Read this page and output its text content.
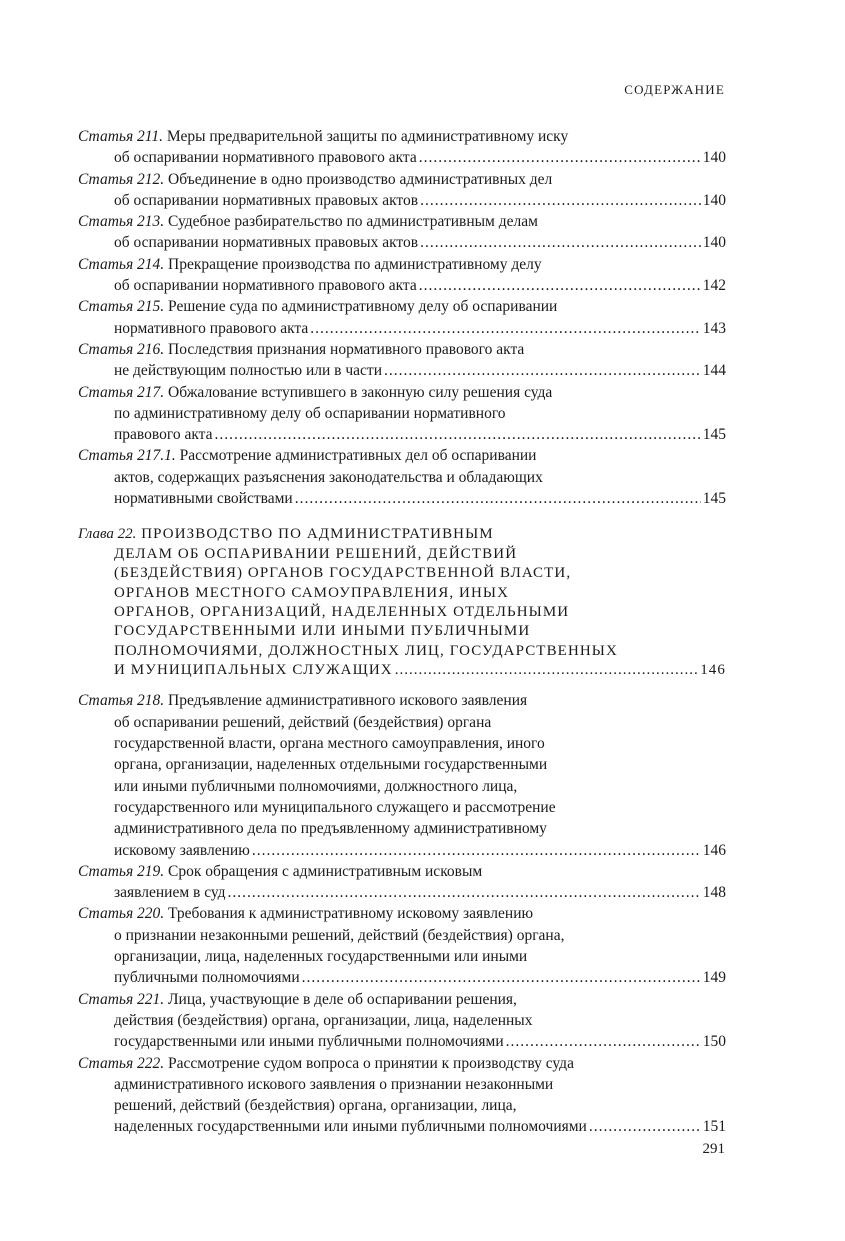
СОДЕРЖАНИЕ
Статья 211. Меры предварительной защиты по административному иску
об оспаривании нормативного правового акта .....	140
Статья 212. Объединение в одно производство административных дел
об оспаривании нормативных правовых актов .....	140
Статья 213. Судебное разбирательство по административным делам
об оспаривании нормативных правовых актов .....	140
Статья 214. Прекращение производства по административному делу
об оспаривании нормативного правового акта .....	142
Статья 215. Решение суда по административному делу об оспаривании
нормативного правового акта .....	143
Статья 216. Последствия признания нормативного правового акта
не действующим полностью или в части .....	144
Статья 217. Обжалование вступившего в законную силу решения суда
по административному делу об оспаривании нормативного
правового акта .....	145
Статья 217.1. Рассмотрение административных дел об оспаривании
актов, содержащих разъяснения законодательства и обладающих
нормативными свойствами .....	145
Глава 22. ПРОИЗВОДСТВО ПО АДМИНИСТРАТИВНЫМ
ДЕЛАМ ОБ ОСПАРИВАНИИ РЕШЕНИЙ, ДЕЙСТВИЙ
(БЕЗДЕЙСТВИЯ) ОРГАНОВ ГОСУДАРСТВЕННОЙ ВЛАСТИ,
ОРГАНОВ МЕСТНОГО САМОУПРАВЛЕНИЯ, ИНЫХ
ОРГАНОВ, ОРГАНИЗАЦИЙ, НАДЕЛЕННЫХ ОТДЕЛЬНЫМИ
ГОСУДАРСТВЕННЫМИ ИЛИ ИНЫМИ ПУБЛИЧНЫМИ
ПОЛНОМОЧИЯМИ, ДОЛЖНОСТНЫХ ЛИЦ, ГОСУДАРСТВЕННЫХ
И МУНИЦИПАЛЬНЫХ СЛУЖАЩИХ .....	146
Статья 218. Предъявление административного искового заявления
об оспаривании решений, действий (бездействия) органа
государственной власти, органа местного самоуправления, иного
органа, организации, наделенных отдельными государственными
или иными публичными полномочиями, должностного лица,
государственного или муниципального служащего и рассмотрение
административного дела по предъявленному административному
исковому заявлению .....	146
Статья 219. Срок обращения с административным исковым
заявлением в суд .....	148
Статья 220. Требования к административному исковому заявлению
о признании незаконными решений, действий (бездействия) органа,
организации, лица, наделенных государственными или иными
публичными полномочиями .....	149
Статья 221. Лица, участвующие в деле об оспаривании решения,
действия (бездействия) органа, организации, лица, наделенных
государственными или иными публичными полномочиями .....	150
Статья 222. Рассмотрение судом вопроса о принятии к производству суда
административного искового заявления о признании незаконными
решений, действий (бездействия) органа, организации, лица,
наделенных государственными или иными публичными полномочиями .....	151
291
